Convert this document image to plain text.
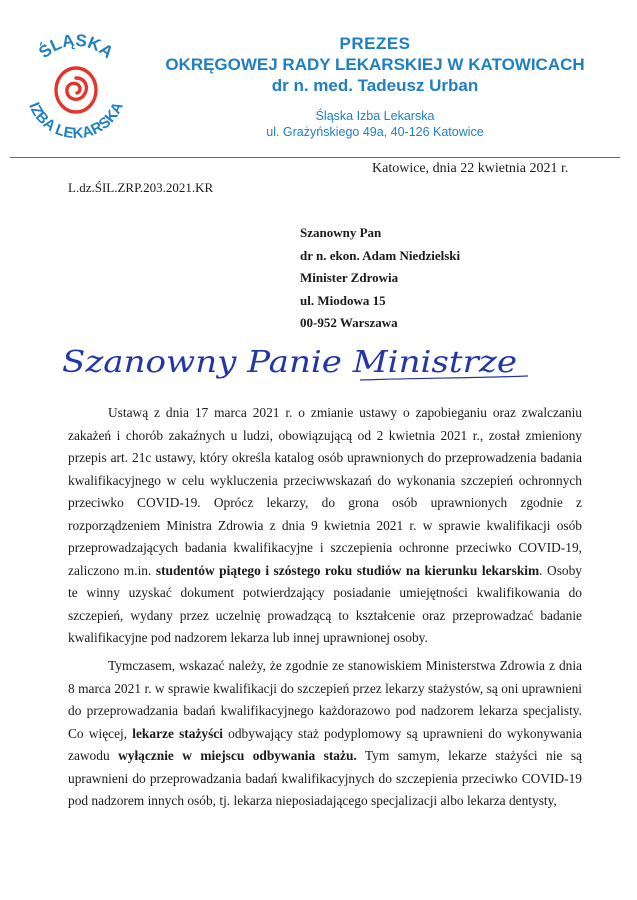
ŚLĄSKA
IZBA LEKARSKA
PREZES
OKRĘGOWEJ RADY LEKARSKIEJ W KATOWICACH
dr n. med. Tadeusz Urban
Śląska Izba Lekarska
ul. Grażyńskiego 49a, 40-126 Katowice
Katowice, dnia 22 kwietnia 2021 r.
L.dz.ŚIL.ZRP.203.2021.KR
Szanowny Pan
dr n. ekon. Adam Niedzielski
Minister Zdrowia
ul. Miodowa 15
00-952 Warszawa
Szanowny Panie Ministrze
Ustawą z dnia 17 marca 2021 r. o zmianie ustawy o zapobieganiu oraz zwalczaniu zakażeń i chorób zakaźnych u ludzi, obowiązującą od 2 kwietnia 2021 r., został zmieniony przepis art. 21c ustawy, który określa katalog osób uprawnionych do przeprowadzenia badania kwalifikacyjnego w celu wykluczenia przeciwwskazań do wykonania szczepień ochronnych przeciwko COVID-19. Oprócz lekarzy, do grona osób uprawnionych zgodnie z rozporządzeniem Ministra Zdrowia z dnia 9 kwietnia 2021 r. w sprawie kwalifikacji osób przeprowadzających badania kwalifikacyjne i szczepienia ochronne przeciwko COVID-19, zaliczono m.in. studentów piątego i szóstego roku studiów na kierunku lekarskim. Osoby te winny uzyskać dokument potwierdzający posiadanie umiejętności kwalifikowania do szczepień, wydany przez uczelnię prowadzącą to kształcenie oraz przeprowadzać badanie kwalifikacyjne pod nadzorem lekarza lub innej uprawnionej osoby.
Tymczasem, wskazać należy, że zgodnie ze stanowiskiem Ministerstwa Zdrowia z dnia 8 marca 2021 r. w sprawie kwalifikacji do szczepień przez lekarzy stażystów, są oni uprawnieni do przeprowadzania badań kwalifikacyjnego każdorazowo pod nadzorem lekarza specjalisty. Co więcej, lekarze stażyści odbywający staż podyplomowy są uprawnieni do wykonywania zawodu wyłącznie w miejscu odbywania stażu. Tym samym, lekarze stażyści nie są uprawnieni do przeprowadzania badań kwalifikacyjnych do szczepienia przeciwko COVID-19 pod nadzorem innych osób, tj. lekarza nieposiadającego specjalizacji albo lekarza dentysty,
